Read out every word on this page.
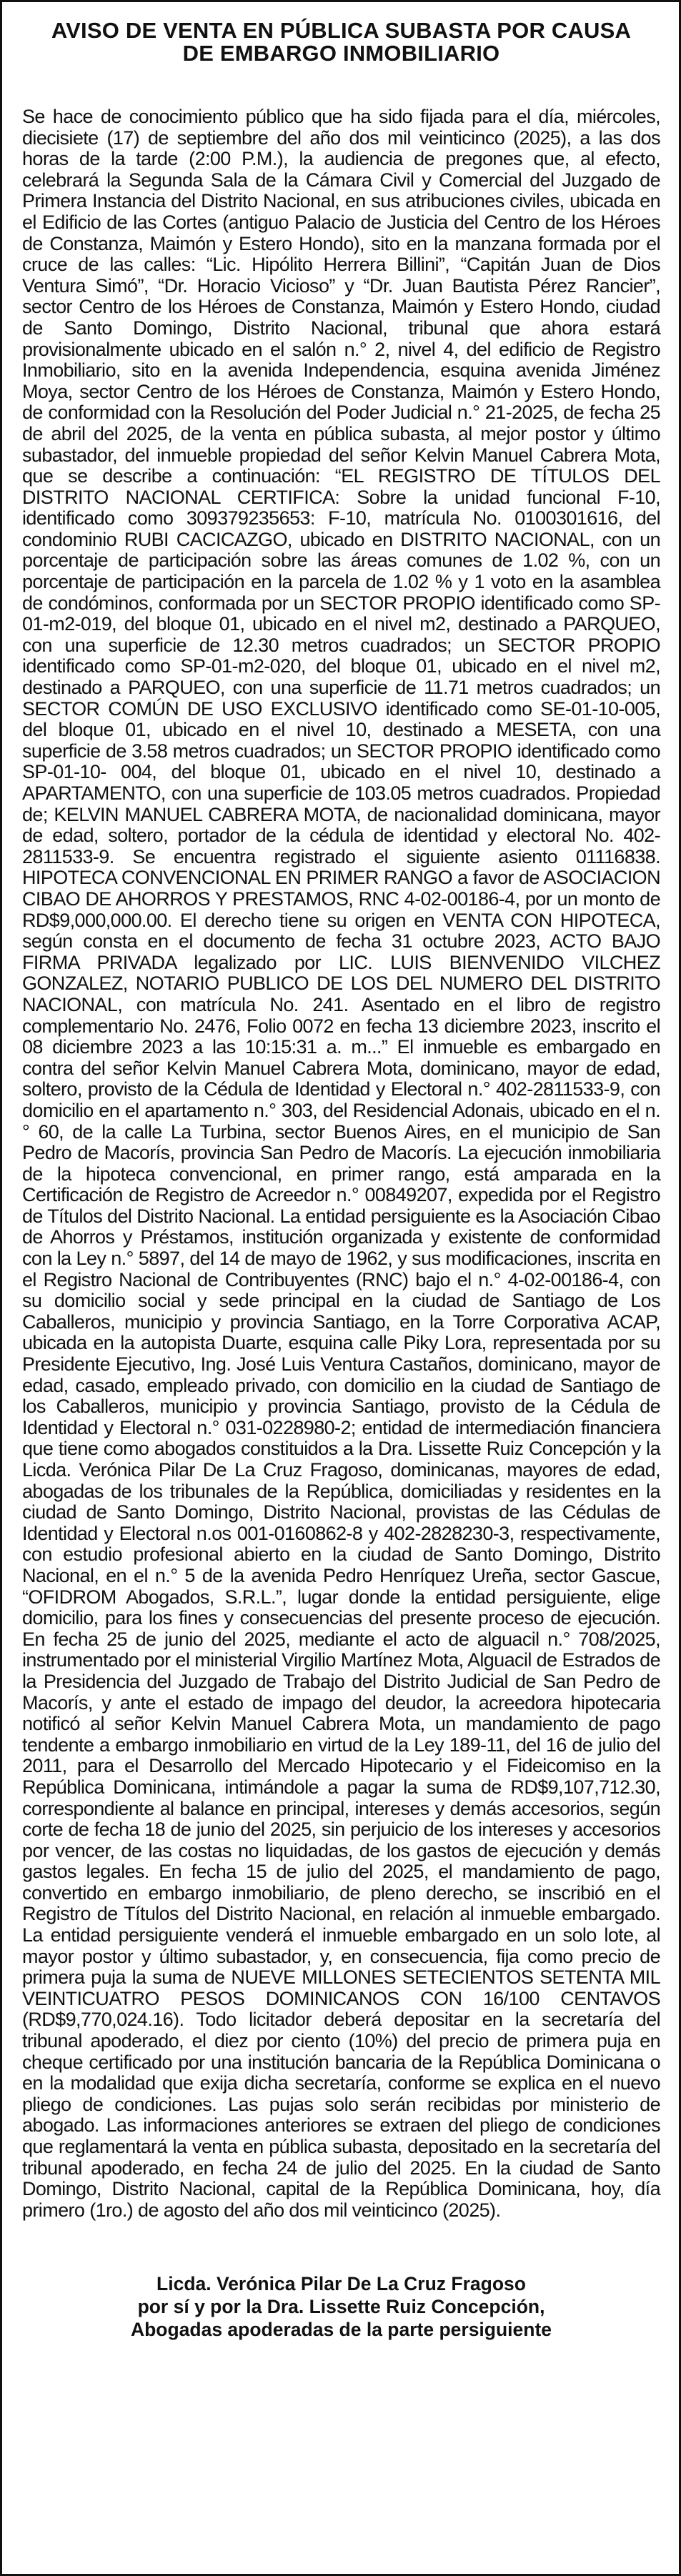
AVISO DE VENTA EN PÚBLICA SUBASTA POR CAUSA
DE EMBARGO INMOBILIARIO

Se hace de conocimiento público que ha sido fijada para el día, miércoles, diecisiete (17) de septiembre del año dos mil veinticinco (2025), a las dos horas de la tarde (2:00 P.M.), la audiencia de pregones que, al efecto, celebrará la Segunda Sala de la Cámara Civil y Comercial del Juzgado de Primera Instancia del Distrito Nacional, en sus atribuciones civiles, ubicada en el Edificio de las Cortes (antiguo Palacio de Justicia del Centro de los Héroes de Constanza, Maimón y Estero Hondo), sito en la manzana formada por el cruce de las calles: “Lic. Hipólito Herrera Billini”, “Capitán Juan de Dios Ventura Simó”, “Dr. Horacio Vicioso” y “Dr. Juan Bautista Pérez Rancier”, sector Centro de los Héroes de Constanza, Maimón y Estero Hondo, ciudad de Santo Domingo, Distrito Nacional, tribunal que ahora estará provisionalmente ubicado en el salón n.° 2, nivel 4, del edificio de Registro Inmobiliario, sito en la avenida Independencia, esquina avenida Jiménez Moya, sector Centro de los Héroes de Constanza, Maimón y Estero Hondo, de conformidad con la Resolución del Poder Judicial n.° 21-2025, de fecha 25 de abril del 2025, de la venta en pública subasta, al mejor postor y último subastador, del inmueble propiedad del señor Kelvin Manuel Cabrera Mota, que se describe a continuación: “EL REGISTRO DE TÍTULOS DEL DISTRITO NACIONAL CERTIFICA: Sobre la unidad funcional F-10, identificado como 309379235653: F-10, matrícula No. 0100301616, del condominio RUBI CACICAZGO, ubicado en DISTRITO NACIONAL, con un porcentaje de participación sobre las áreas comunes de 1.02 %, con un porcentaje de participación en la parcela de 1.02 % y 1 voto en la asamblea de condóminos, conformada por un SECTOR PROPIO identificado como SP-01-m2-019, del bloque 01, ubicado en el nivel m2, destinado a PARQUEO, con una superficie de 12.30 metros cuadrados; un SECTOR PROPIO identificado como SP-01-m2-020, del bloque 01, ubicado en el nivel m2, destinado a PARQUEO, con una superficie de 11.71 metros cuadrados; un SECTOR COMÚN DE USO EXCLUSIVO identificado como SE-01-10-005, del bloque 01, ubicado en el nivel 10, destinado a MESETA, con una superficie de 3.58 metros cuadrados; un SECTOR PROPIO identificado como SP-01-10- 004, del bloque 01, ubicado en el nivel 10, destinado a APARTAMENTO, con una superficie de 103.05 metros cuadrados. Propiedad de; KELVIN MANUEL CABRERA MOTA, de nacionalidad dominicana, mayor de edad, soltero, portador de la cédula de identidad y electoral No. 402-2811533-9. Se encuentra registrado el siguiente asiento 01116838. HIPOTECA CONVENCIONAL EN PRIMER RANGO a favor de ASOCIACION CIBAO DE AHORROS Y PRESTAMOS, RNC 4-02-00186-4, por un monto de RD$9,000,000.00. El derecho tiene su origen en VENTA CON HIPOTECA, según consta en el documento de fecha 31 octubre 2023, ACTO BAJO FIRMA PRIVADA legalizado por LIC. LUIS BIENVENIDO VILCHEZ GONZALEZ, NOTARIO PUBLICO DE LOS DEL NUMERO DEL DISTRITO NACIONAL, con matrícula No. 241. Asentado en el libro de registro complementario No. 2476, Folio 0072 en fecha 13 diciembre 2023, inscrito el 08 diciembre 2023 a las 10:15:31 a. m...” El inmueble es embargado en contra del señor Kelvin Manuel Cabrera Mota, dominicano, mayor de edad, soltero, provisto de la Cédula de Identidad y Electoral n.° 402-2811533-9, con domicilio en el apartamento n.° 303, del Residencial Adonais, ubicado en el n.° 60, de la calle La Turbina, sector Buenos Aires, en el municipio de San Pedro de Macorís, provincia San Pedro de Macorís. La ejecución inmobiliaria de la hipoteca convencional, en primer rango, está amparada en la Certificación de Registro de Acreedor n.° 00849207, expedida por el Registro de Títulos del Distrito Nacional. La entidad persiguiente es la Asociación Cibao de Ahorros y Préstamos, institución organizada y existente de conformidad con la Ley n.° 5897, del 14 de mayo de 1962, y sus modificaciones, inscrita en el Registro Nacional de Contribuyentes (RNC) bajo el n.° 4-02-00186-4, con su domicilio social y sede principal en la ciudad de Santiago de Los Caballeros, municipio y provincia Santiago, en la Torre Corporativa ACAP, ubicada en la autopista Duarte, esquina calle Piky Lora, representada por su Presidente Ejecutivo, Ing. José Luis Ventura Castaños, dominicano, mayor de edad, casado, empleado privado, con domicilio en la ciudad de Santiago de los Caballeros, municipio y provincia Santiago, provisto de la Cédula de Identidad y Electoral n.° 031-0228980-2; entidad de intermediación financiera que tiene como abogados constituidos a la Dra. Lissette Ruiz Concepción y la Licda. Verónica Pilar De La Cruz Fragoso, dominicanas, mayores de edad, abogadas de los tribunales de la República, domiciliadas y residentes en la ciudad de Santo Domingo, Distrito Nacional, provistas de las Cédulas de Identidad y Electoral n.os 001-0160862-8 y 402-2828230-3, respectivamente, con estudio profesional abierto en la ciudad de Santo Domingo, Distrito Nacional, en el n.° 5 de la avenida Pedro Henríquez Ureña, sector Gascue, “OFIDROM Abogados, S.R.L.”, lugar donde la entidad persiguiente, elige domicilio, para los fines y consecuencias del presente proceso de ejecución. En fecha 25 de junio del 2025, mediante el acto de alguacil n.° 708/2025, instrumentado por el ministerial Virgilio Martínez Mota, Alguacil de Estrados de la Presidencia del Juzgado de Trabajo del Distrito Judicial de San Pedro de Macorís, y ante el estado de impago del deudor, la acreedora hipotecaria notificó al señor Kelvin Manuel Cabrera Mota, un mandamiento de pago tendente a embargo inmobiliario en virtud de la Ley 189-11, del 16 de julio del 2011, para el Desarrollo del Mercado Hipotecario y el Fideicomiso en la República Dominicana, intimándole a pagar la suma de RD$9,107,712.30, correspondiente al balance en principal, intereses y demás accesorios, según corte de fecha 18 de junio del 2025, sin perjuicio de los intereses y accesorios por vencer, de las costas no liquidadas, de los gastos de ejecución y demás gastos legales. En fecha 15 de julio del 2025, el mandamiento de pago, convertido en embargo inmobiliario, de pleno derecho, se inscribió en el Registro de Títulos del Distrito Nacional, en relación al inmueble embargado. La entidad persiguiente venderá el inmueble embargado en un solo lote, al mayor postor y último subastador, y, en consecuencia, fija como precio de primera puja la suma de NUEVE MILLONES SETECIENTOS SETENTA MIL VEINTICUATRO PESOS DOMINICANOS CON 16/100 CENTAVOS (RD$9,770,024.16). Todo licitador deberá depositar en la secretaría del tribunal apoderado, el diez por ciento (10%) del precio de primera puja en cheque certificado por una institución bancaria de la República Dominicana o en la modalidad que exija dicha secretaría, conforme se explica en el nuevo pliego de condiciones. Las pujas solo serán recibidas por ministerio de abogado. Las informaciones anteriores se extraen del pliego de condiciones que reglamentará la venta en pública subasta, depositado en la secretaría del tribunal apoderado, en fecha 24 de julio del 2025. En la ciudad de Santo Domingo, Distrito Nacional, capital de la República Dominicana, hoy, día primero (1ro.) de agosto del año dos mil veinticinco (2025).

Licda. Verónica Pilar De La Cruz Fragoso
por sí y por la Dra. Lissette Ruiz Concepción,
Abogadas apoderadas de la parte persiguiente
